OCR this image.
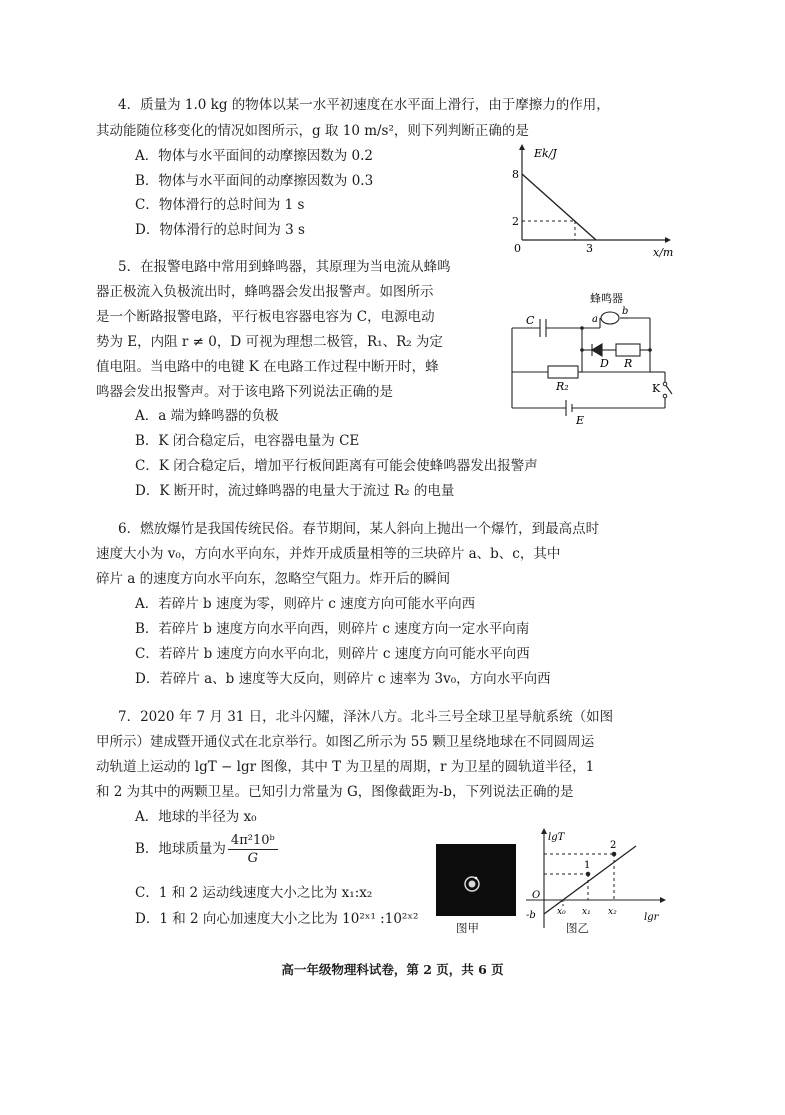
4．质量为 1.0 kg 的物体以某一水平初速度在水平面上滑行，由于摩擦力的作用，
其动能随位移变化的情况如图所示，g 取 10 m/s²，则下列判断正确的是
A．物体与水平面间的动摩擦因数为 0.2
B．物体与水平面间的动摩擦因数为 0.3
C．物体滑行的总时间为 1 s
D．物体滑行的总时间为 3 s
Ek/J
x/m
0
8
2
3
5．在报警电路中常用到蜂鸣器，其原理为当电流从蜂鸣
器正极流入负极流出时，蜂鸣器会发出报警声。如图所示
是一个断路报警电路，平行板电容器电容为 C，电源电动
势为 E，内阻 r ≠ 0，D 可视为理想二极管，R₁、R₂ 为定
值电阻。当电路中的电键 K 在电路工作过程中断开时，蜂
鸣器会发出报警声。对于该电路下列说法正确的是
A．a 端为蜂鸣器的负极
B．K 闭合稳定后，电容器电量为 CE
C．K 闭合稳定后，增加平行板间距离有可能会使蜂鸣器发出报警声
D．K 断开时，流过蜂鸣器的电量大于流过 R₂ 的电量
蜂鸣器
C	a
b
D R
R₂	K
E
6．燃放爆竹是我国传统民俗。春节期间，某人斜向上抛出一个爆竹，到最高点时
速度大小为 v₀，方向水平向东，并炸开成质量相等的三块碎片 a、b、c，其中
碎片 a 的速度方向水平向东，忽略空气阻力。炸开后的瞬间
A．若碎片 b 速度为零，则碎片 c 速度方向可能水平向西
B．若碎片 b 速度方向水平向西，则碎片 c 速度方向一定水平向南
C．若碎片 b 速度方向水平向北，则碎片 c 速度方向可能水平向西
D．若碎片 a、b 速度等大反向，则碎片 c 速率为 3v₀，方向水平向西
7．2020 年 7 月 31 日，北斗闪耀，泽沐八方。北斗三号全球卫星导航系统（如图
甲所示）建成暨开通仪式在北京举行。如图乙所示为 55 颗卫星绕地球在不同圆周运
动轨道上运动的 lgT − lgr 图像，其中 T 为卫星的周期，r 为卫星的圆轨道半径，1
和 2 为其中的两颗卫星。已知引力常量为 G，图像截距为-b，下列说法正确的是
A．地球的半径为 x₀
B．地球质量为 $\frac{\text{4π²10ᵇ}}{G}$
C．1 和 2 运动线速度大小之比为 x₁:x₂
D．1 和 2 向心加速度大小之比为 10²ˣ¹ :10²ˣ²
图甲
lgT
lgr
O
-b x₀ x₁ x₂
1
2
图乙
高一年级物理科试卷，第 2 页，共 6 页
